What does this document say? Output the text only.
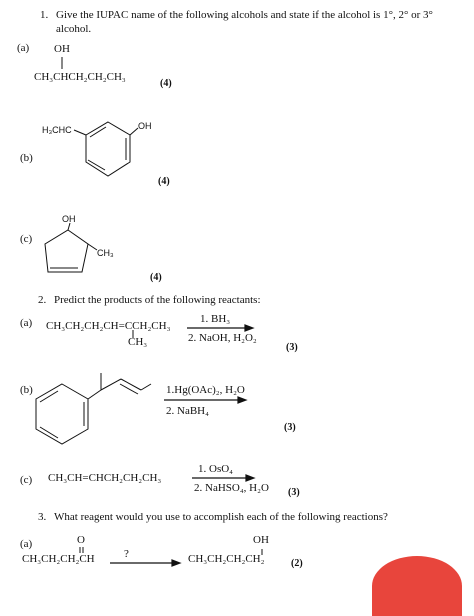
1. Give the IUPAC name of the following alcohols and state if the alcohol is 1°, 2° or 3°
alcohol.
(a) OH
CH₃CHCH₂CH₂CH₃
(4)
H₃CHC	OH
(b)
(4)
OH
(c)
CH₃
(4)
2. Predict the products of the following reactants:
(a) CH₃CH₂CH₂CH=CCH₂CH₃
CH₃
1. BH₃
2. NaOH, H₂O₂
(3)
(b)	1.Hg(OAc)₂, H₂O
2. NaBH₄
(3)
(c) CH₃CH=CHCH₂CH₂CH₃
1. OsO₄
2. NaHSO₄, H₂O (3)
3. What reagent would you use to accomplish each of the following reactions?
(a)	O
CH₃CH₂CH₂CH	?
OH
CH₃CH₂CH₂CH₂	(2)
